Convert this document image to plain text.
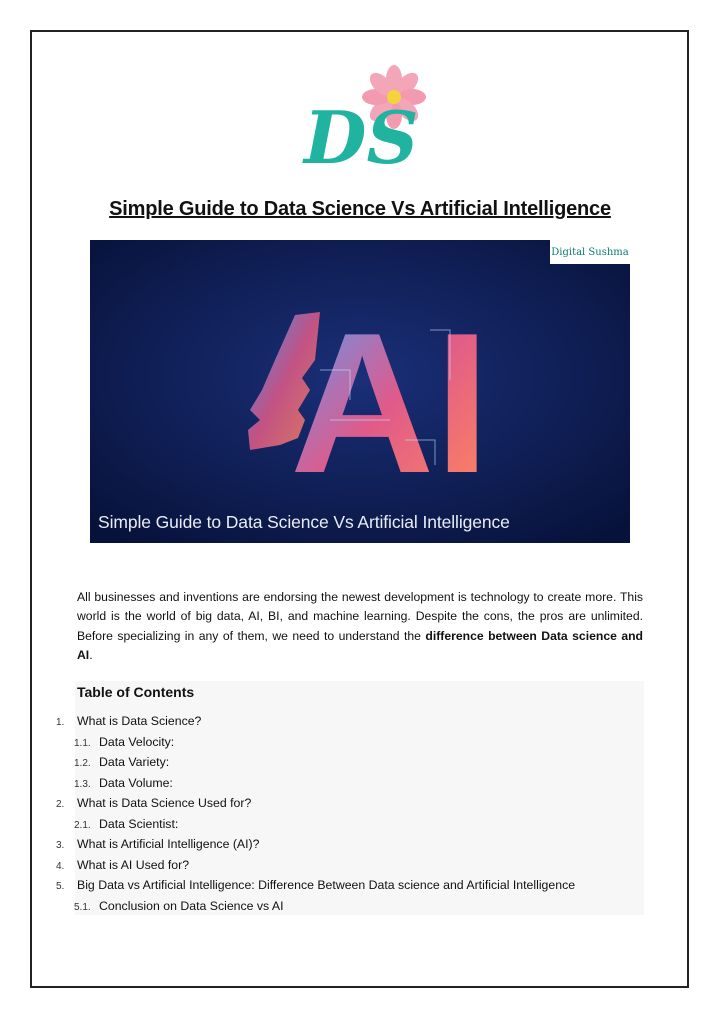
DS
Simple Guide to Data Science Vs Artificial Intelligence
AI
Digital Sushma
Simple Guide to Data Science Vs Artificial Intelligence
All businesses and inventions are endorsing the newest development is technology to create more. This world is the world of big data, AI, BI, and machine learning. Despite the cons, the pros are unlimited. Before specializing in any of them, we need to understand the difference between Data science and AI.
Table of Contents
1. What is Data Science?
1.1. Data Velocity:
1.2. Data Variety:
1.3. Data Volume:
2. What is Data Science Used for?
2.1. Data Scientist:
3. What is Artificial Intelligence (AI)?
4. What is AI Used for?
5. Big Data vs Artificial Intelligence: Difference Between Data science and Artificial Intelligence
5.1. Conclusion on Data Science vs AI
